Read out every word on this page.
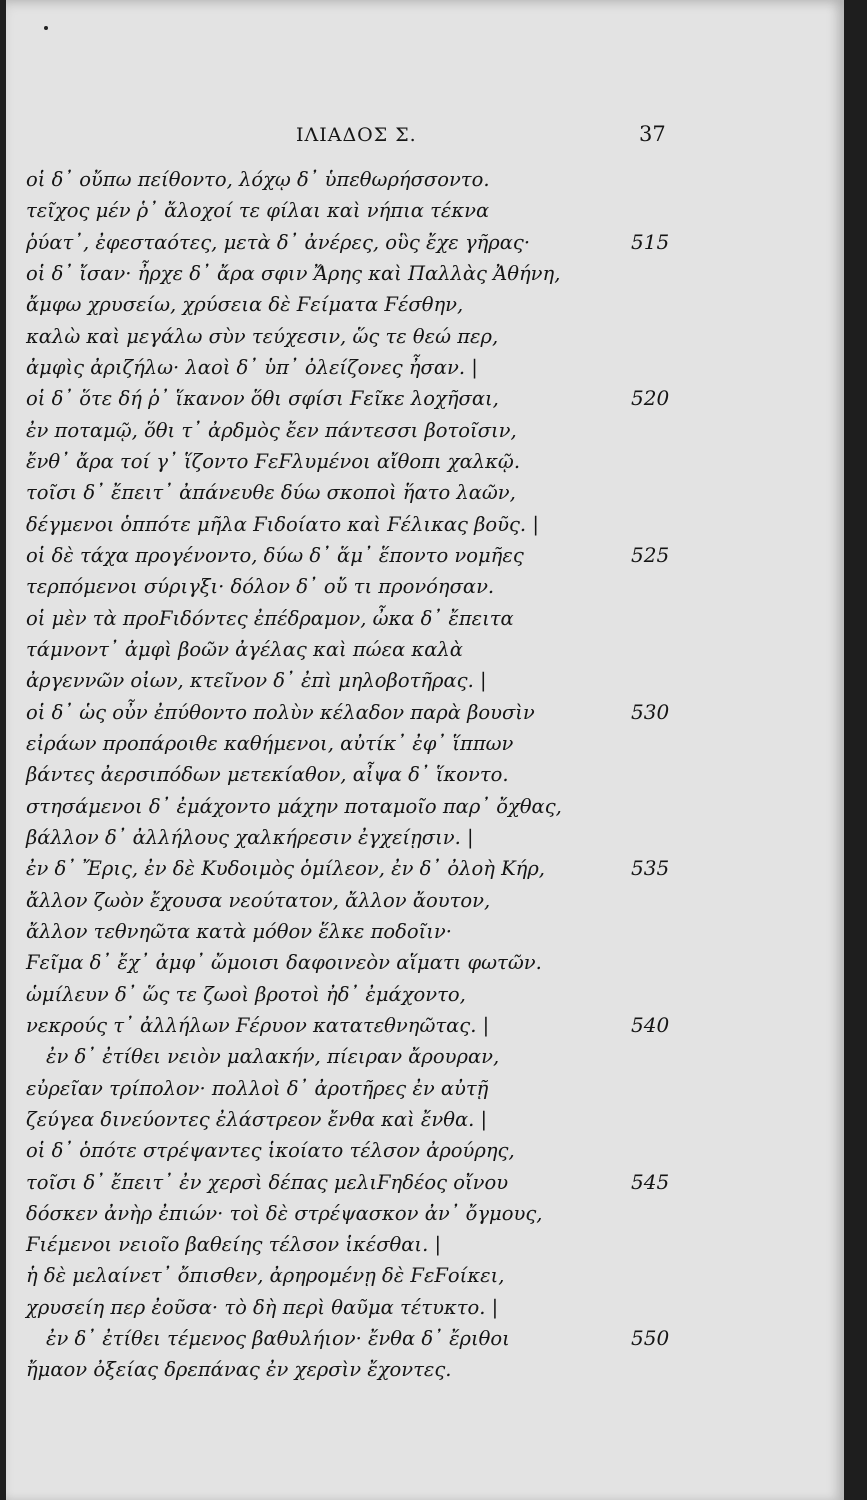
ΙΛΙΑΔΟΣ Σ.	37
οἱ δ᾽ οὔπω πείθοντο, λόχῳ δ᾽ ὑπεθωρήσσοντο.
τεῖχος μέν ῥ᾽ ἄλοχοί τε φίλαι καὶ νήπια τέκνα
ῥύατ᾽, ἐφεσταότες, μετὰ δ᾽ ἀνέρες, οὓς ἔχε γῆρας·	515
οἱ δ᾽ ἴσαν· ἦρχε δ᾽ ἄρα σφιν Ἄρης καὶ Παλλὰς Ἀθήνη,
ἄμφω χρυσείω, χρύσεια δὲ Ϝείματα Ϝέσθην,
καλὼ καὶ μεγάλω σὺν τεύχεσιν, ὥς τε θεώ περ,
ἀμφὶς ἀριζήλω· λαοὶ δ᾽ ὑπ᾽ ὀλείζονες ἦσαν. |
οἱ δ᾽ ὅτε δή ῥ᾽ ἵκανον ὅθι σφίσι Ϝεῖκε λοχῆσαι,	520
ἐν ποταμῷ, ὅθι τ᾽ ἀρδμὸς ἔεν πάντεσσι βοτοῖσιν,
ἔνθ᾽ ἄρα τοί γ᾽ ἵζοντο ϜεϜλυμένοι αἴθοπι χαλκῷ.
τοῖσι δ᾽ ἔπειτ᾽ ἀπάνευθε δύω σκοποὶ ἥατο λαῶν,
δέγμενοι ὁππότε μῆλα Ϝιδοίατο καὶ Ϝέλικας βοῦς. |
οἱ δὲ τάχα προγένοντο, δύω δ᾽ ἅμ᾽ ἕποντο νομῆες	525
τερπόμενοι σύριγξι· δόλον δ᾽ οὔ τι προνόησαν.
οἱ μὲν τὰ προϜιδόντες ἐπέδραμον, ὦκα δ᾽ ἔπειτα
τάμνοντ᾽ ἀμφὶ βοῶν ἀγέλας καὶ πώεα καλὰ
ἀργεννῶν οἰων, κτεῖνον δ᾽ ἐπὶ μηλοβοτῆρας. |
οἱ δ᾽ ὡς οὖν ἐπύθοντο πολὺν κέλαδον παρὰ βουσὶν	530
εἰράων προπάροιθε καθήμενοι, αὐτίκ᾽ ἐφ᾽ ἵππων
βάντες ἀερσιπόδων μετεκίαθον, αἶψα δ᾽ ἵκοντο.
στησάμενοι δ᾽ ἐμάχοντο μάχην ποταμοῖο παρ᾽ ὄχθας,
βάλλον δ᾽ ἀλλήλους χαλκήρεσιν ἐγχείῃσιν. |
ἐν δ᾽ Ἔρις, ἐν δὲ Κυδοιμὸς ὁμίλεον, ἐν δ᾽ ὀλοὴ Κήρ,	535
ἄλλον ζωὸν ἔχουσα νεούτατον, ἄλλον ἄουτον,
ἄλλον τεθνηῶτα κατὰ μόθον ἕλκε ποδοῖιν·
Ϝεῖμα δ᾽ ἔχ᾽ ἀμφ᾽ ὤμοισι δαφοινεὸν αἵματι φωτῶν.
ὡμίλευν δ᾽ ὥς τε ζωοὶ βροτοὶ ἠδ᾽ ἐμάχοντο,
νεκρούς τ᾽ ἀλλήλων Ϝέρυον κατατεθνηῶτας. |	540
ἐν δ᾽ ἐτίθει νειὸν μαλακήν, πίειραν ἄρουραν,
εὐρεῖαν τρίπολον· πολλοὶ δ᾽ ἀροτῆρες ἐν αὐτῇ
ζεύγεα δινεύοντες ἐλάστρεον ἔνθα καὶ ἔνθα. |
οἱ δ᾽ ὁπότε στρέψαντες ἱκοίατο τέλσον ἀρούρης,
τοῖσι δ᾽ ἔπειτ᾽ ἐν χερσὶ δέπας μελιϜηδέος οἴνου	545
δόσκεν ἀνὴρ ἐπιών· τοὶ δὲ στρέψασκον ἀν᾽ ὄγμους,
Ϝιέμενοι νειοῖο βαθείης τέλσον ἱκέσθαι. |
ἡ δὲ μελαίνετ᾽ ὄπισθεν, ἀρηρομένῃ δὲ ϜεϜοίκει,
χρυσείη περ ἐοῦσα· τὸ δὴ περὶ θαῦμα τέτυκτο. |
ἐν δ᾽ ἐτίθει τέμενος βαθυλήιον· ἔνθα δ᾽ ἔριθοι	550
ἤμαον ὀξείας δρεπάνας ἐν χερσὶν ἔχοντες.
